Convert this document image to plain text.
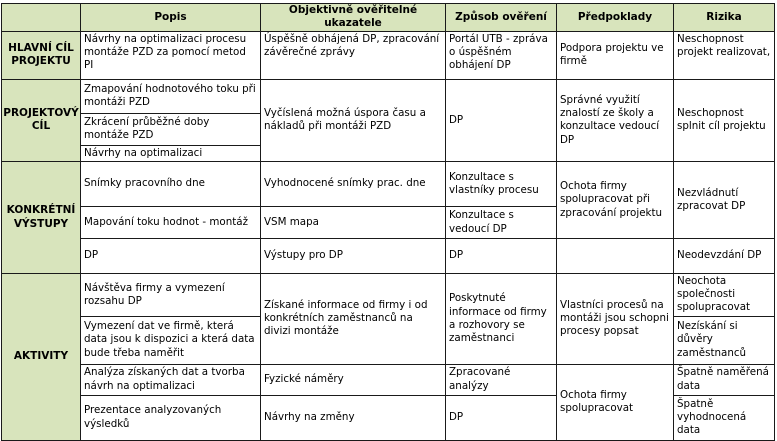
	Popis	Objektivně ověřitelné ukazatele	Způsob ověření	Předpoklady	Rizika
HLAVNÍ CÍL PROJEKTU	Návrhy na optimalizaci procesu montáže PZD za pomocí metod PI	Úspěšně obhájená DP, zpracování závěrečné zprávy	Portál UTB - zpráva o úspěšném obhájení DP	Podpora projektu ve firmě	Neschopnost projekt realizovat,
PROJEKTOVÝ CÍL	Zmapování hodnotového toku při montáži PZD	Vyčíslená možná úspora času a nákladů při montáži PZD	DP	Správné využití znalostí ze školy a konzultace vedoucí DP	Neschopnost splnit cíl projektu
	Zkrácení průběžné doby montáže PZD				
	Návrhy na optimalizaci				
KONKRÉTNÍ VÝSTUPY	Snímky pracovního dne	Vyhodnocené snímky prac. dne	Konzultace s vlastníky procesu	Ochota firmy spolupracovat při zpracování projektu	Nezvládnutí zpracovat DP
	Mapování toku hodnot - montáž	VSM mapa	Konzultace s vedoucí DP		
	DP	Výstupy pro DP	DP		Neodevzdání DP
AKTIVITY	Návštěva firmy a vymezení rozsahu DP	Získané informace od firmy i od konkrétních zaměstnanců na divizi montáže	Poskytnuté informace od firmy a rozhovory se zaměstnanci	Vlastníci procesů na montáži jsou schopni procesy popsat	Neochota společnosti spolupracovat
	Vymezení dat ve firmě, která data jsou k dispozici a která data bude třeba naměřit				Nezískání si důvěry zaměstnanců
	Analýza získaných dat a tvorba návrh na optimalizaci	Fyzické náměry	Zpracované analýzy	Ochota firmy spolupracovat	Špatně naměřená data
	Prezentace analyzovaných výsledků	Návrhy na změny	DP		Špatně vyhodnocená data
